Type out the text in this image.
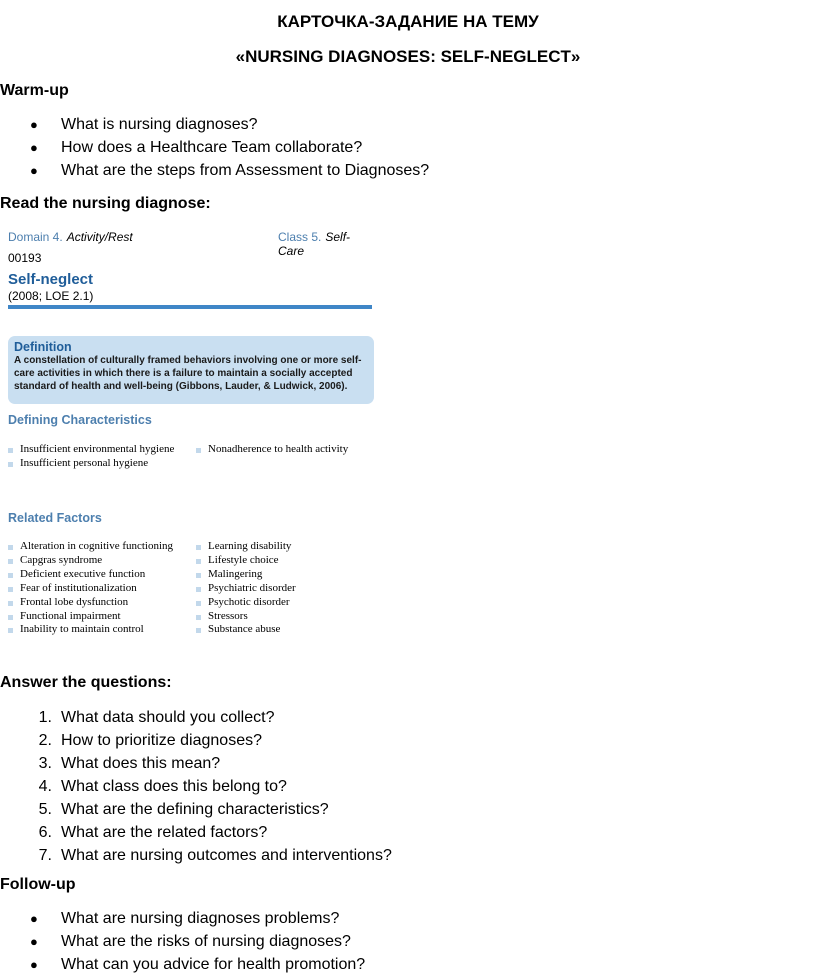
КАРТОЧКА-ЗАДАНИЕ НА ТЕМУ
«NURSING DIAGNOSES: SELF-NEGLECT»
Warm-up
● What is nursing diagnoses?
● How does a Healthcare Team collaborate?
● What are the steps from Assessment to Diagnoses?
Read the nursing diagnose:
Domain 4. Activity/Rest	Class 5. Self-Care
00193
Self-neglect
(2008; LOE 2.1)
Definition
A constellation of culturally framed behaviors involving one or more self-care activities in which there is a failure to maintain a socially accepted standard of health and well-being (Gibbons, Lauder, & Ludwick, 2006).
Defining Characteristics
Insufficient environmental hygiene
Insufficient personal hygiene
Nonadherence to health activity
Related Factors
Alteration in cognitive functioning
Capgras syndrome
Deficient executive function
Fear of institutionalization
Frontal lobe dysfunction
Functional impairment
Inability to maintain control
Learning disability
Lifestyle choice
Malingering
Psychiatric disorder
Psychotic disorder
Stressors
Substance abuse
Answer the questions:
1. What data should you collect?
2. How to prioritize diagnoses?
3. What does this mean?
4. What class does this belong to?
5. What are the defining characteristics?
6. What are the related factors?
7. What are nursing outcomes and interventions?
Follow-up
● What are nursing diagnoses problems?
● What are the risks of nursing diagnoses?
● What can you advice for health promotion?
